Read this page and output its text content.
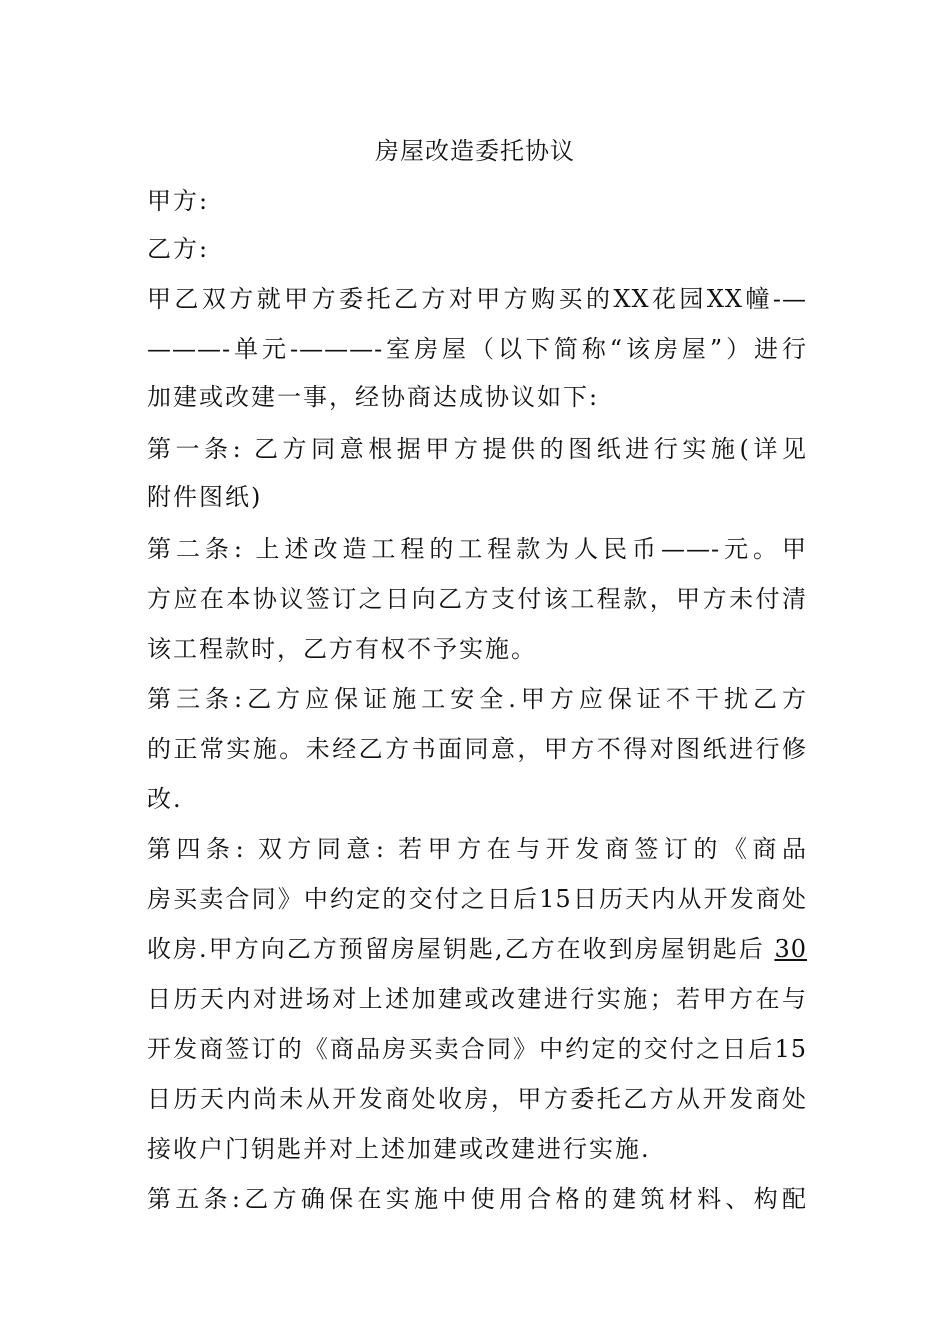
房屋改造委托协议
甲方:
乙方:
甲乙双方就甲方委托乙方对甲方购买的XX花园XX幢-—
———-单元-———-室房屋（以下简称“该房屋”）进行
加建或改建一事，经协商达成协议如下:
第一条: 乙方同意根据甲方提供的图纸进行实施(详见
附件图纸)
第二条: 上述改造工程的工程款为人民币——-元。甲
方应在本协议签订之日向乙方支付该工程款，甲方未付清
该工程款时，乙方有权不予实施。
第三条:乙方应保证施工安全.甲方应保证不干扰乙方
的正常实施。未经乙方书面同意，甲方不得对图纸进行修
改.
第四条: 双方同意: 若甲方在与开发商签订的《商品
房买卖合同》中约定的交付之日后15日历天内从开发商处
收房.甲方向乙方预留房屋钥匙,乙方在收到房屋钥匙后 30
日历天内对进场对上述加建或改建进行实施；若甲方在与
开发商签订的《商品房买卖合同》中约定的交付之日后15
日历天内尚未从开发商处收房，甲方委托乙方从开发商处
接收户门钥匙并对上述加建或改建进行实施.
第五条:乙方确保在实施中使用合格的建筑材料、构配
